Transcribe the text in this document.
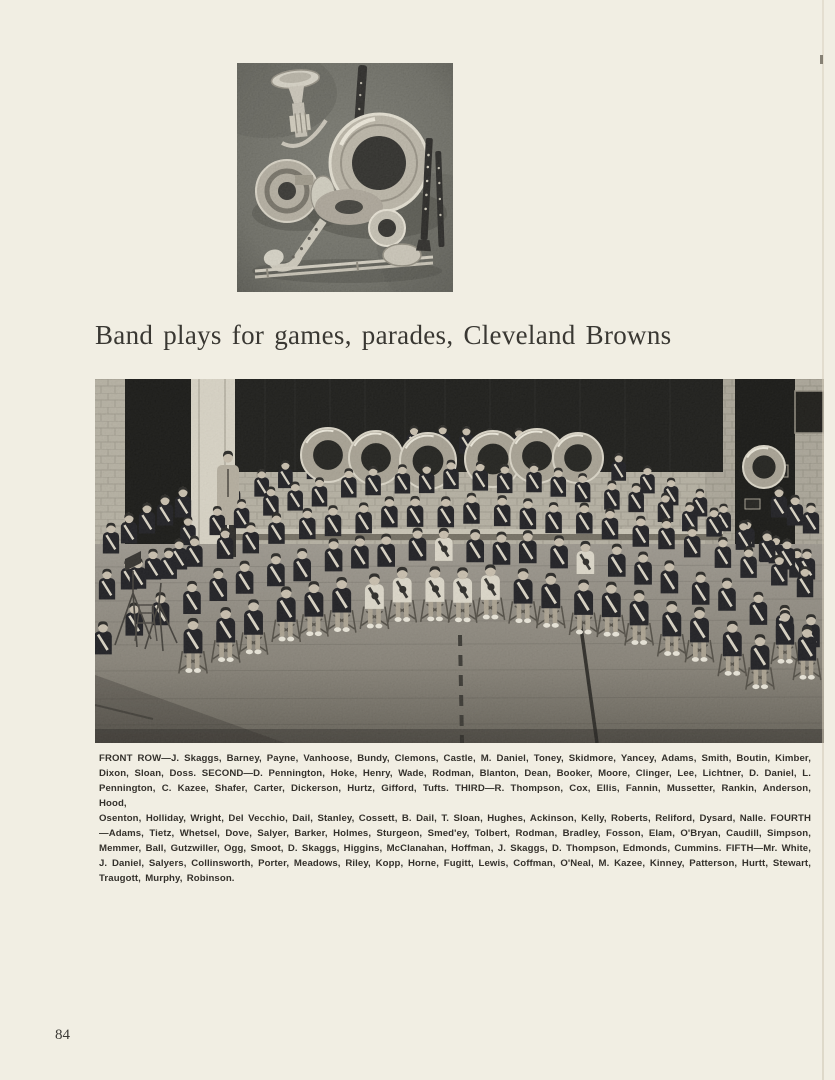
Band plays for games, parades, Cleveland Browns
FRONT ROW—J. Skaggs, Barney, Payne, Vanhoose, Bundy, Clemons, Castle, M. Daniel, Toney, Skidmore, Yancey, Adams, Smith, Boutin, Kimber,
Dixon, Sloan, Doss. SECOND—D. Pennington, Hoke, Henry, Wade, Rodman, Blanton, Dean, Booker, Moore, Clinger, Lee, Lichtner, D. Daniel, L.
Pennington, C. Kazee, Shafer, Carter, Dickerson, Hurtz, Gifford, Tufts. THIRD—R. Thompson, Cox, Ellis, Fannin, Mussetter, Rankin, Anderson, Hood,
Osenton, Holliday, Wright, Del Vecchio, Dail, Stanley, Cossett, B. Dail, T. Sloan, Hughes, Ackinson, Kelly, Roberts, Reliford, Dysard, Nalle. FOURTH
—Adams, Tietz, Whetsel, Dove, Salyer, Barker, Holmes, Sturgeon, Smed'ey, Tolbert, Rodman, Bradley, Fosson, Elam, O'Bryan, Caudill, Simpson,
Memmer, Ball, Gutzwiller, Ogg, Smoot, D. Skaggs, Higgins, McClanahan, Hoffman, J. Skaggs, D. Thompson, Edmonds, Cummins. FIFTH—Mr. White,
J. Daniel, Salyers, Collinsworth, Porter, Meadows, Riley, Kopp, Horne, Fugitt, Lewis, Coffman, O'Neal, M. Kazee, Kinney, Patterson, Hurtt, Stewart,
Traugott, Murphy, Robinson.
84
